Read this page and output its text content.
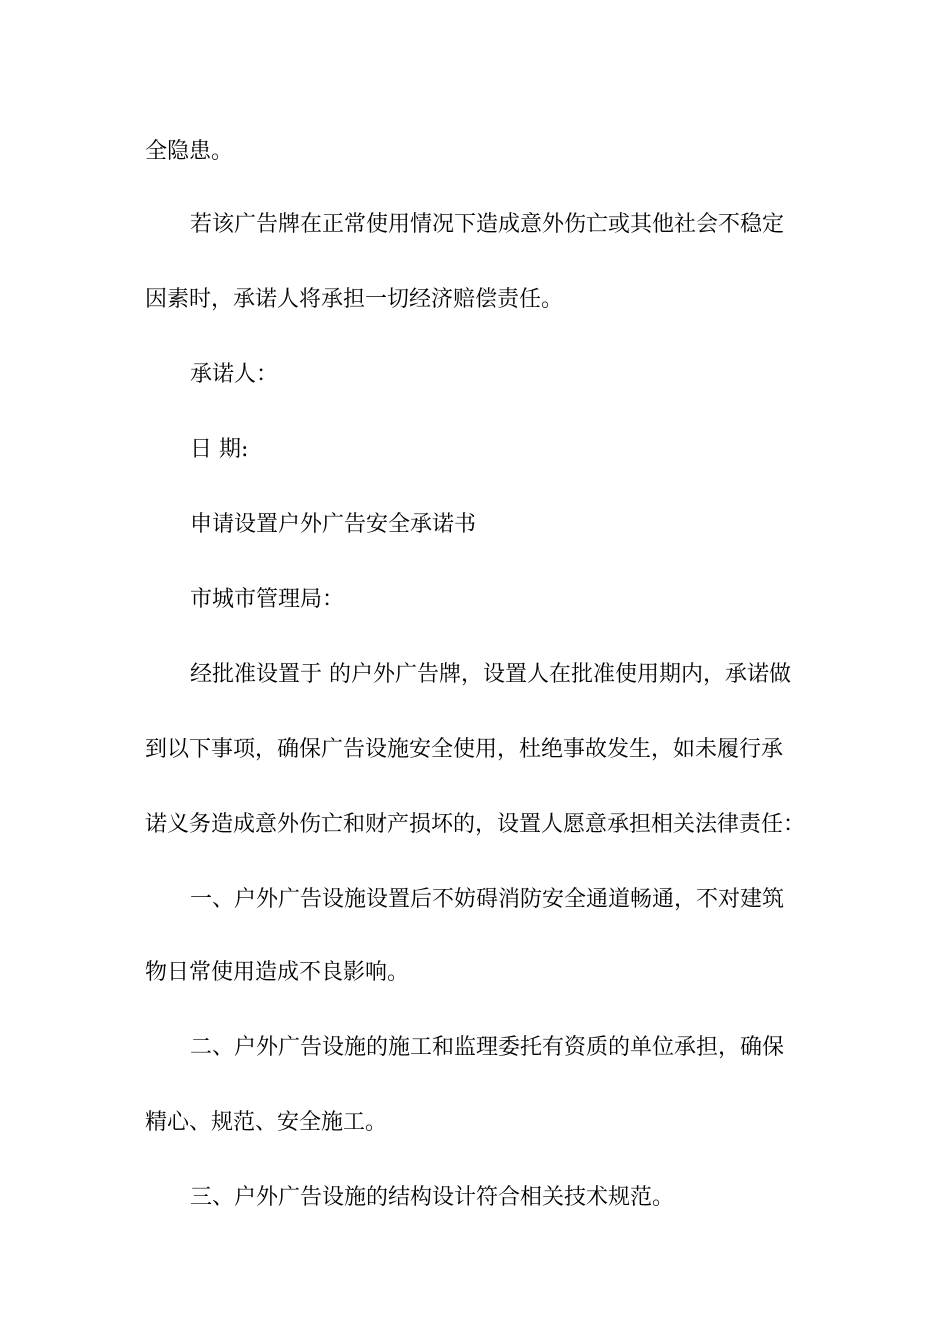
全隐患。
若该广告牌在正常使用情况下造成意外伤亡或其他社会不稳定
因素时，承诺人将承担一切经济赔偿责任。
承诺人：
日 期:
申请设置户外广告安全承诺书
市城市管理局：
经批准设置于 的户外广告牌，设置人在批准使用期内，承诺做
到以下事项，确保广告设施安全使用，杜绝事故发生，如未履行承
诺义务造成意外伤亡和财产损坏的，设置人愿意承担相关法律责任：
一、户外广告设施设置后不妨碍消防安全通道畅通，不对建筑
物日常使用造成不良影响。
二、户外广告设施的施工和监理委托有资质的单位承担，确保
精心、规范、安全施工。
三、户外广告设施的结构设计符合相关技术规范。
